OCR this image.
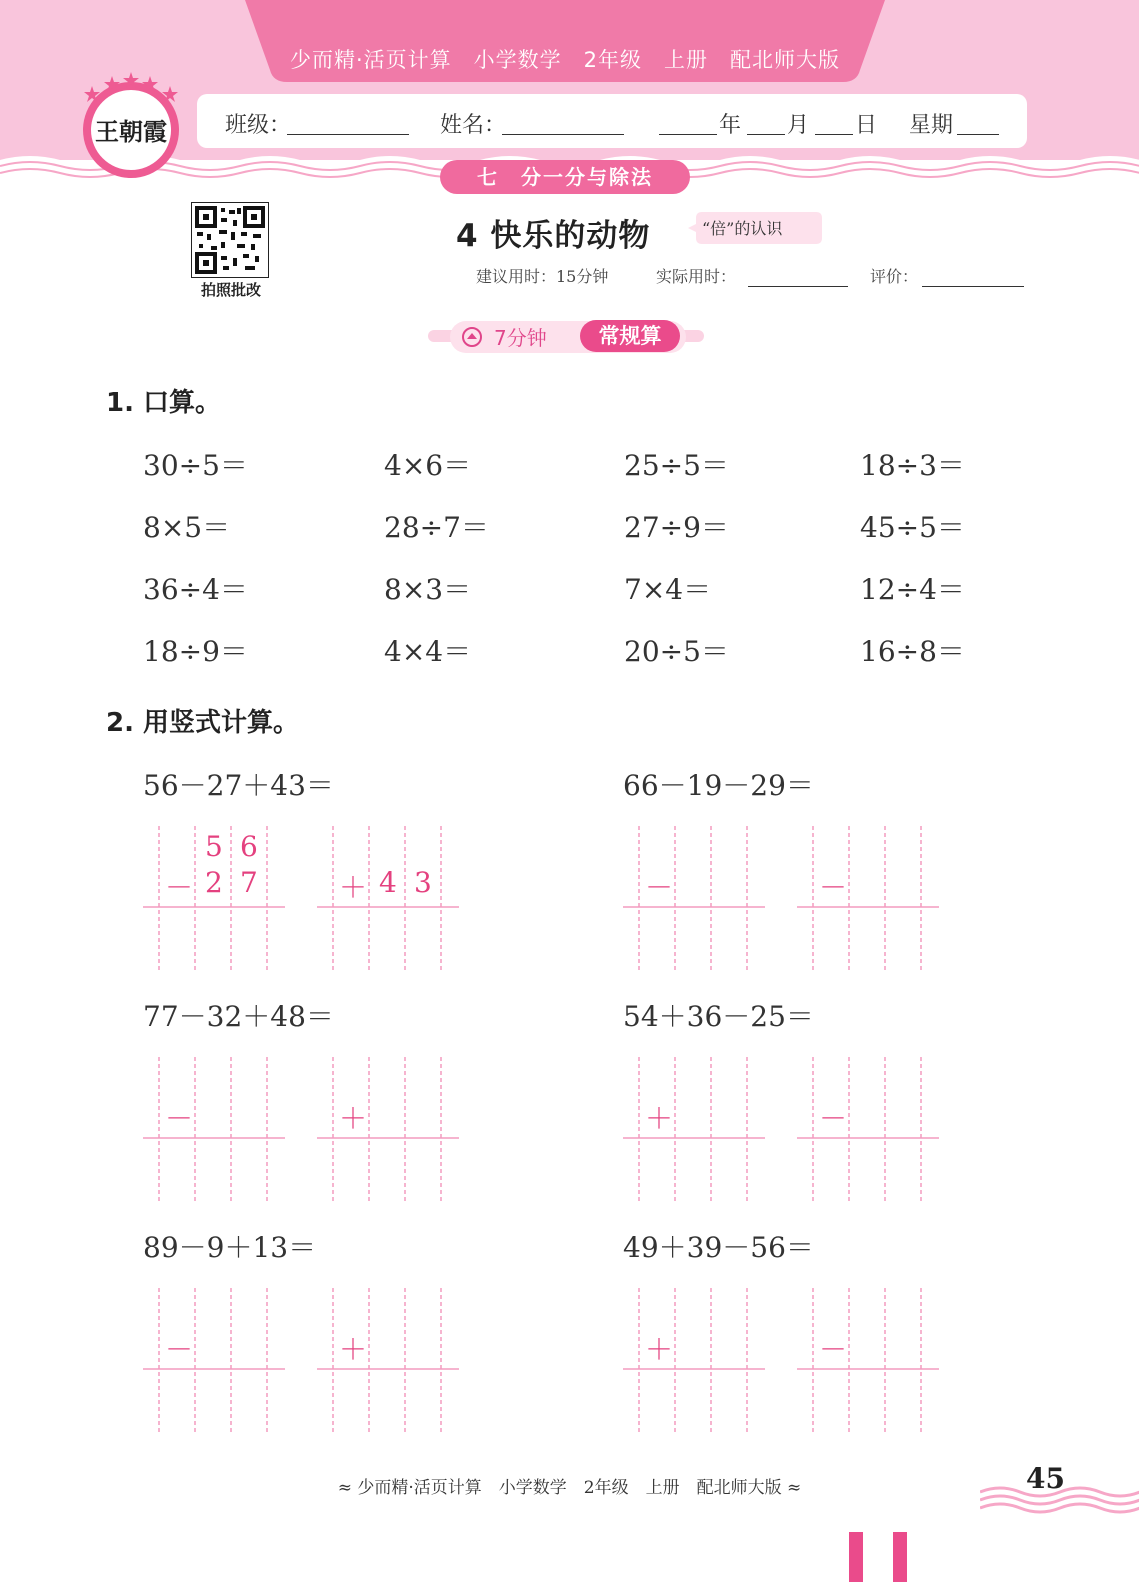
少而精·活页计算　小学数学　2年级　上册　配北师大版
王朝霞	班级：	姓名：	年 月 日 星期
七　分一分与除法
拍照批改
4 快乐的动物	“倍”的认识
建议用时：15分钟	实际用时：	评价：
7分钟	常规算
1. 口算。
30÷5＝	4×6＝	25÷5＝	18÷3＝
8×5＝	28÷7＝	27÷9＝	45÷5＝
36÷4＝	8×3＝	7×4＝	12÷4＝
18÷9＝	4×4＝	20÷5＝	16÷8＝
2. 用竖式计算。
56－27＋43＝
－	＋
5 6
2 7	4 3
66－19－29＝
－	－
77－32＋48＝
－	＋
54＋36－25＝
＋	－
89－9＋13＝
－	＋
49＋39－56＝
＋	－
≈ 少而精·活页计算　小学数学　2年级　上册　配北师大版 ≈	45
